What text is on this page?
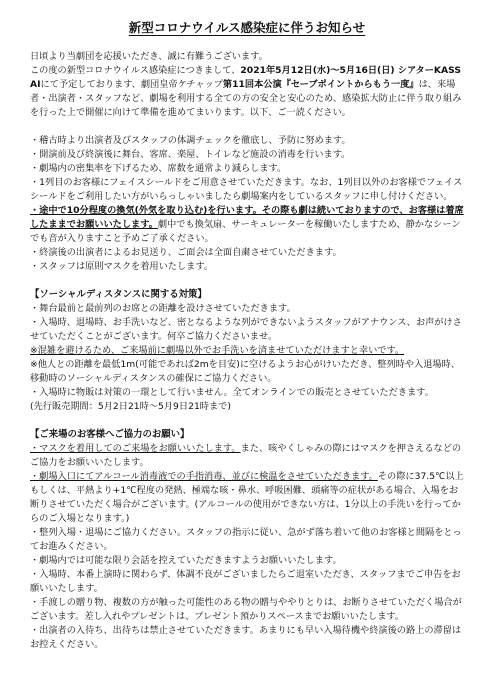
新型コロナウイルス感染症に伴うお知らせ

日頃より当劇団を応援いただき、誠に有難うございます。

この度の新型コロナウイルス感染症につきまして、2021年5月12日(水)～5月16日(日) シアターKASSAIにて予定しております、劇団皇帝ケチャップ第11回本公演『セーブポイントからもう一度』は、来場者・出演者・スタッフなど、劇場を利用する全ての方の安全と安心のため、感染拡大防止に伴う取り組みを行った上で開催に向けて準備を進めてまいります。以下、ご一読ください。

・稽古時より出演者及びスタッフの体調チェックを徹底し、予防に努めます。
・開演前及び終演後に舞台、客席、楽屋、トイレなど施設の消毒を行います。
・劇場内の密集率を下げるため、席数を通常より減らします。
・1列目のお客様にフェイスシールドをご用意させていただきます。なお、1列目以外のお客様でフェイスシールドをご利用したい方がいらっしゃいましたら劇場案内をしているスタッフに申し付けください。
・途中で10分程度の換気(外気を取り込む)を行います。その際も劇は続いておりますので、お客様は着席したままでお願いいたします。劇中でも換気扇、サーキュレーターを稼働いたしますため、静かなシーンでも音が入りますこと予めご了承ください。
・終演後の出演者によるお見送り、ご面会は全面自粛させていただきます。
・スタッフは原則マスクを着用いたします。

【ソーシャルディスタンスに関する対策】

・舞台最前と最前列のお席との距離を設けさせていただきます。
・入場時、退場時、お手洗いなど、密となるような列ができないようスタッフがアナウンス、お声がけさせていただくことがございます。何卒ご協力くださいませ。
※混雑を避けるため、ご来場前に劇場以外でお手洗いを済ませていただけますと幸いです。
※他人との距離を最低1m(可能であれば2mを目安)に空けるようお心がけいただき、整列時や入退場時、移動時のソーシャルディスタンスの確保にご協力ください。
・入場時に物販は対策の一環として行いません。全てオンラインでの販売とさせていただきます。
(先行販売期間：5月2日21時～5月9日21時まで)

【ご来場のお客様へご協力のお願い】

・マスクを着用してのご来場をお願いいたします。また、咳やくしゃみの際にはマスクを押さえるなどのご協力をお願いいたします。
・劇場入口にてアルコール消毒液での手指消毒、並びに検温をさせていただきます。その際に37.5℃以上もしくは、平熱より+1℃程度の発熱、極端な咳・鼻水、呼吸困難、頭痛等の症状がある場合、入場をお断りさせていただく場合がございます。(アルコールの使用ができない方は、1分以上の手洗いを行ってからのご入場となります。)
・整列入場・退場にご協力ください。スタッフの指示に従い、急がず落ち着いて他のお客様と間隔をとってお進みください。
・劇場内では可能な限り会話を控えていただきますようお願いいたします。
・入場時、本番上演時に関わらず、体調不良がございましたらご退室いただき、スタッフまでご申告をお願いいたします。
・手渡しの贈り物、複数の方が触った可能性のある物の贈与ややりとりは、お断りさせていただく場合がございます。差し入れやプレゼントは、プレゼント預かりスペースまでお願いいたします。
・出演者の入待ち、出待ちは禁止させていただきます。あまりにも早い入場待機や終演後の路上の滞留はお控えください。
